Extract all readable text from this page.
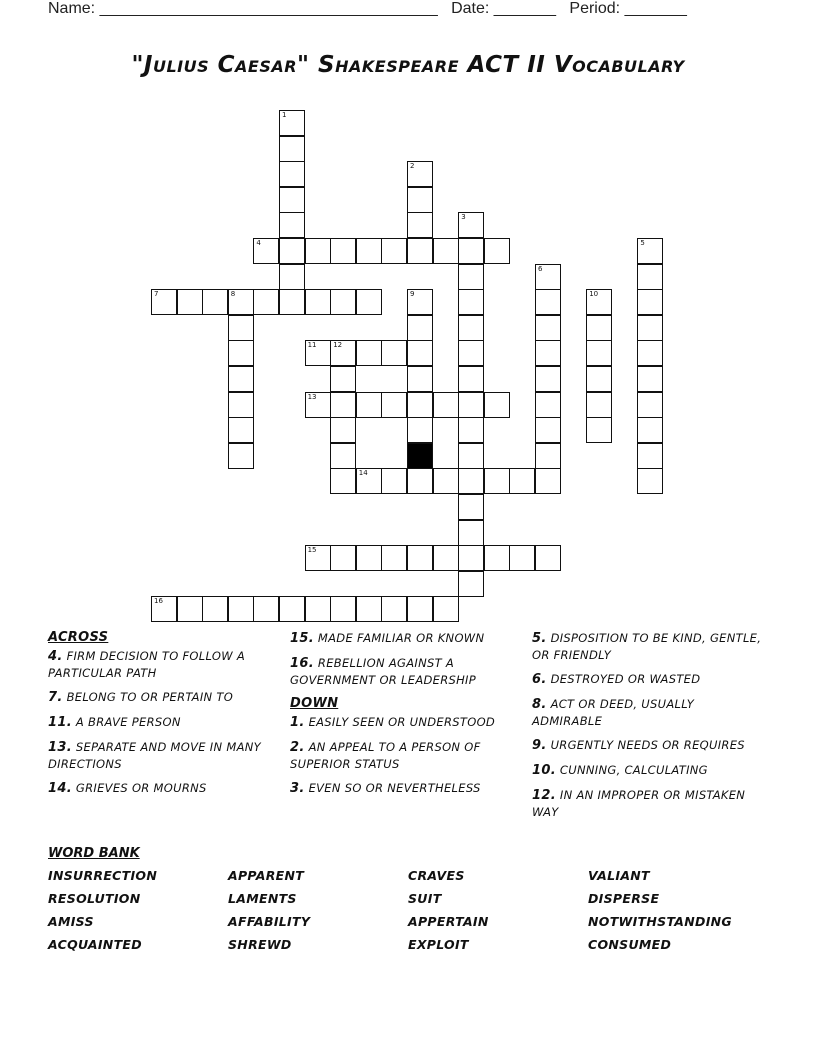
Name: ______________________________________ Date: _______ Period: _______
"Julius Caesar" Shakespeare ACT II Vocabulary
4
7	8
11 12
13
14
15
16
1
2
3
5
6
9	10
ACROSS
4. FIRM DECISION TO FOLLOW A PARTICULAR PATH
7. BELONG TO OR PERTAIN TO
11. A BRAVE PERSON
13. SEPARATE AND MOVE IN MANY DIRECTIONS
14. GRIEVES OR MOURNS
15. MADE FAMILIAR OR KNOWN
16. REBELLION AGAINST A GOVERNMENT OR LEADERSHIP
DOWN
1. EASILY SEEN OR UNDERSTOOD
2. AN APPEAL TO A PERSON OF SUPERIOR STATUS
3. EVEN SO OR NEVERTHELESS
5. DISPOSITION TO BE KIND, GENTLE, OR FRIENDLY
6. DESTROYED OR WASTED
8. ACT OR DEED, USUALLY ADMIRABLE
9. URGENTLY NEEDS OR REQUIRES
10. CUNNING, CALCULATING
12. IN AN IMPROPER OR MISTAKEN WAY
WORD BANK
INSURRECTION
RESOLUTION
AMISS
ACQUAINTED
APPARENT
LAMENTS
AFFABILITY
SHREWD
CRAVES
SUIT
APPERTAIN
EXPLOIT
VALIANT
DISPERSE
NOTWITHSTANDING
CONSUMED
